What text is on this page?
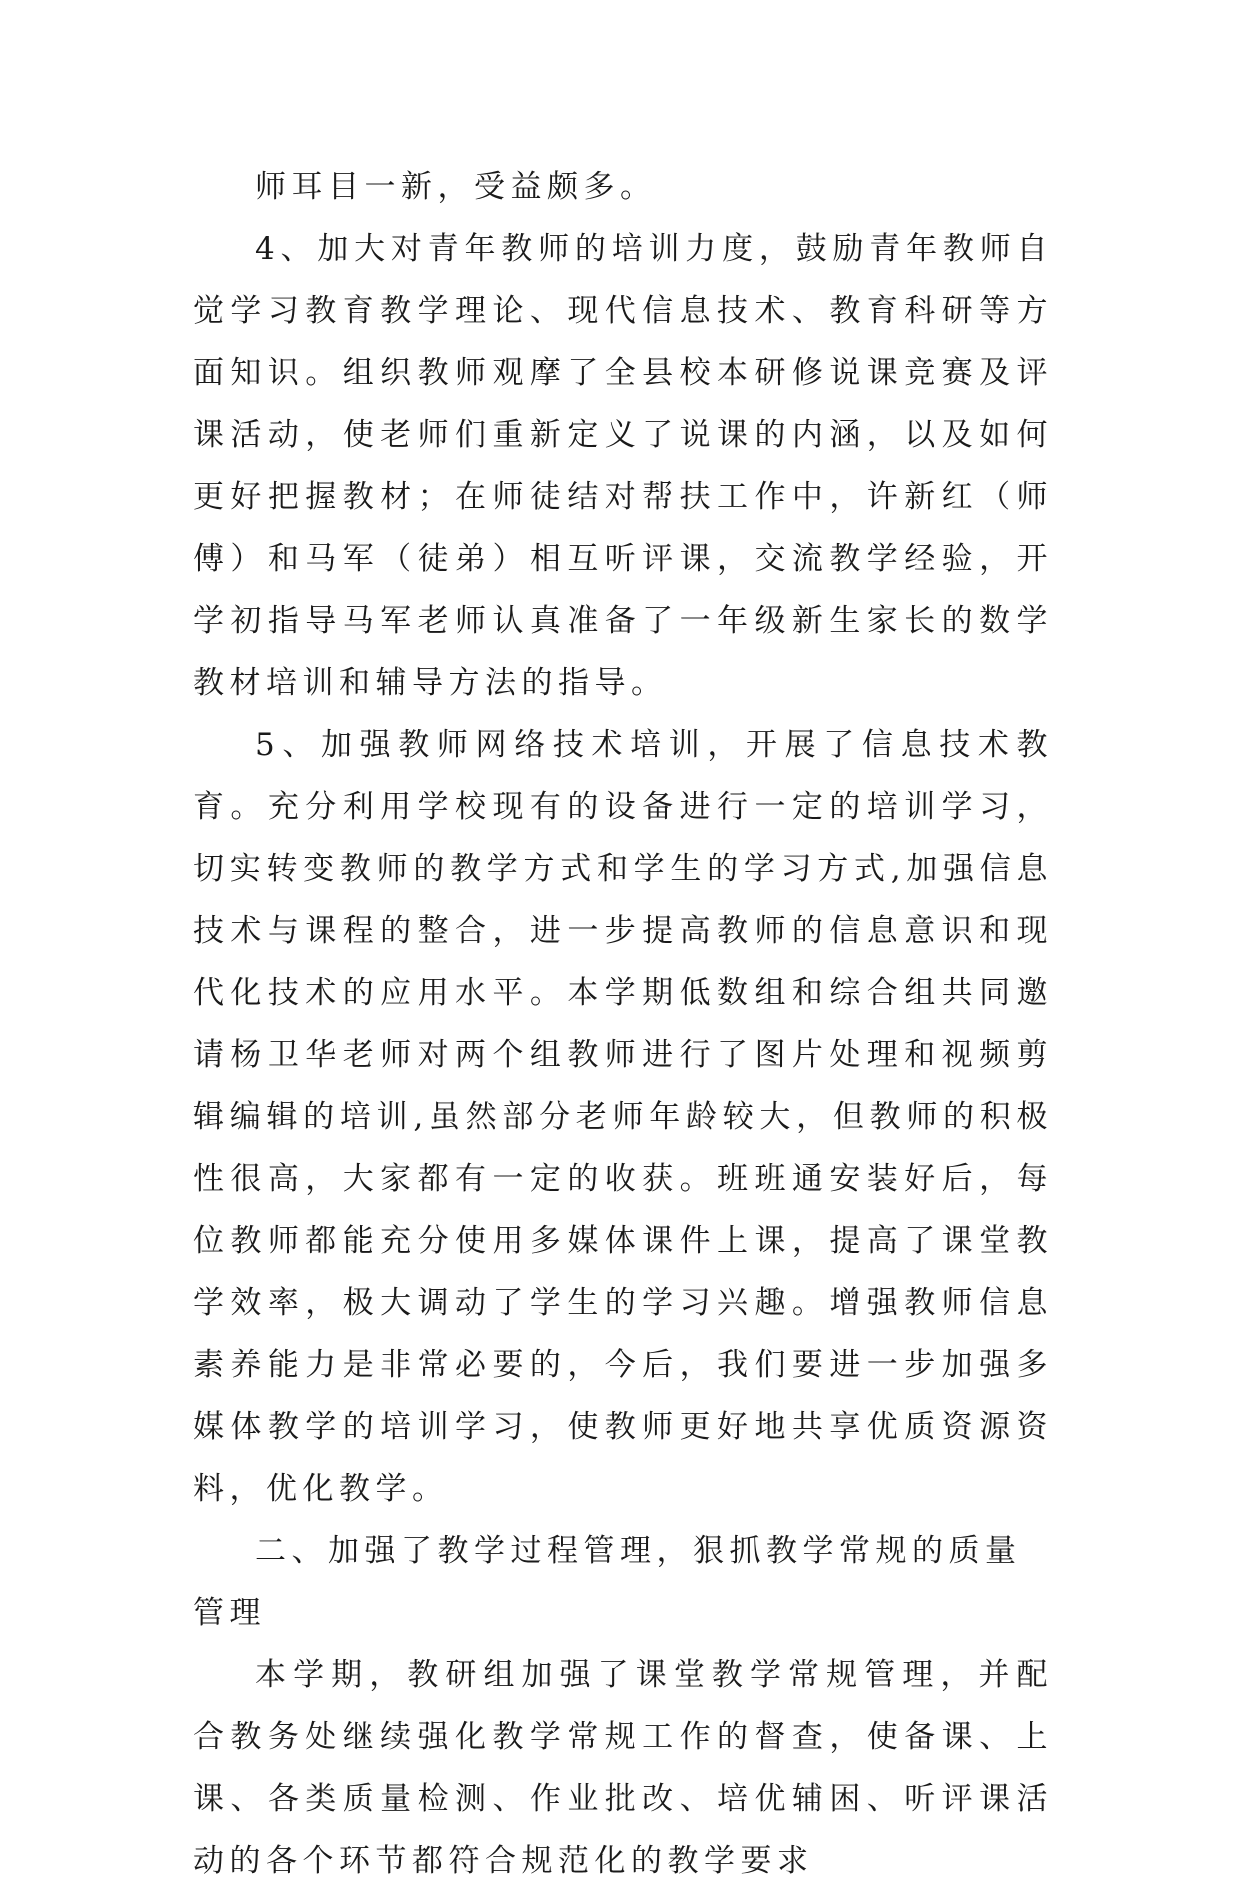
师耳目一新，受益颇多。

4、加大对青年教师的培训力度，鼓励青年教师自觉学习教育教学理论、现代信息技术、教育科研等方面知识。组织教师观摩了全县校本研修说课竞赛及评课活动，使老师们重新定义了说课的内涵，以及如何更好把握教材；在师徒结对帮扶工作中，许新红（师傅）和马军（徒弟）相互听评课，交流教学经验，开学初指导马军老师认真准备了一年级新生家长的数学教材培训和辅导方法的指导。

5、加强教师网络技术培训，开展了信息技术教育。充分利用学校现有的设备进行一定的培训学习，切实转变教师的教学方式和学生的学习方式,加强信息技术与课程的整合，进一步提高教师的信息意识和现代化技术的应用水平。本学期低数组和综合组共同邀请杨卫华老师对两个组教师进行了图片处理和视频剪辑编辑的培训,虽然部分老师年龄较大，但教师的积极性很高，大家都有一定的收获。班班通安装好后，每位教师都能充分使用多媒体课件上课，提高了课堂教学效率，极大调动了学生的学习兴趣。增强教师信息素养能力是非常必要的，今后，我们要进一步加强多媒体教学的培训学习，使教师更好地共享优质资源资料，优化教学。

二、加强了教学过程管理，狠抓教学常规的质量管理

本学期，教研组加强了课堂教学常规管理，并配合教务处继续强化教学常规工作的督查，使备课、上课、各类质量检测、作业批改、培优辅困、听评课活动的各个环节都符合规范化的教学要求
